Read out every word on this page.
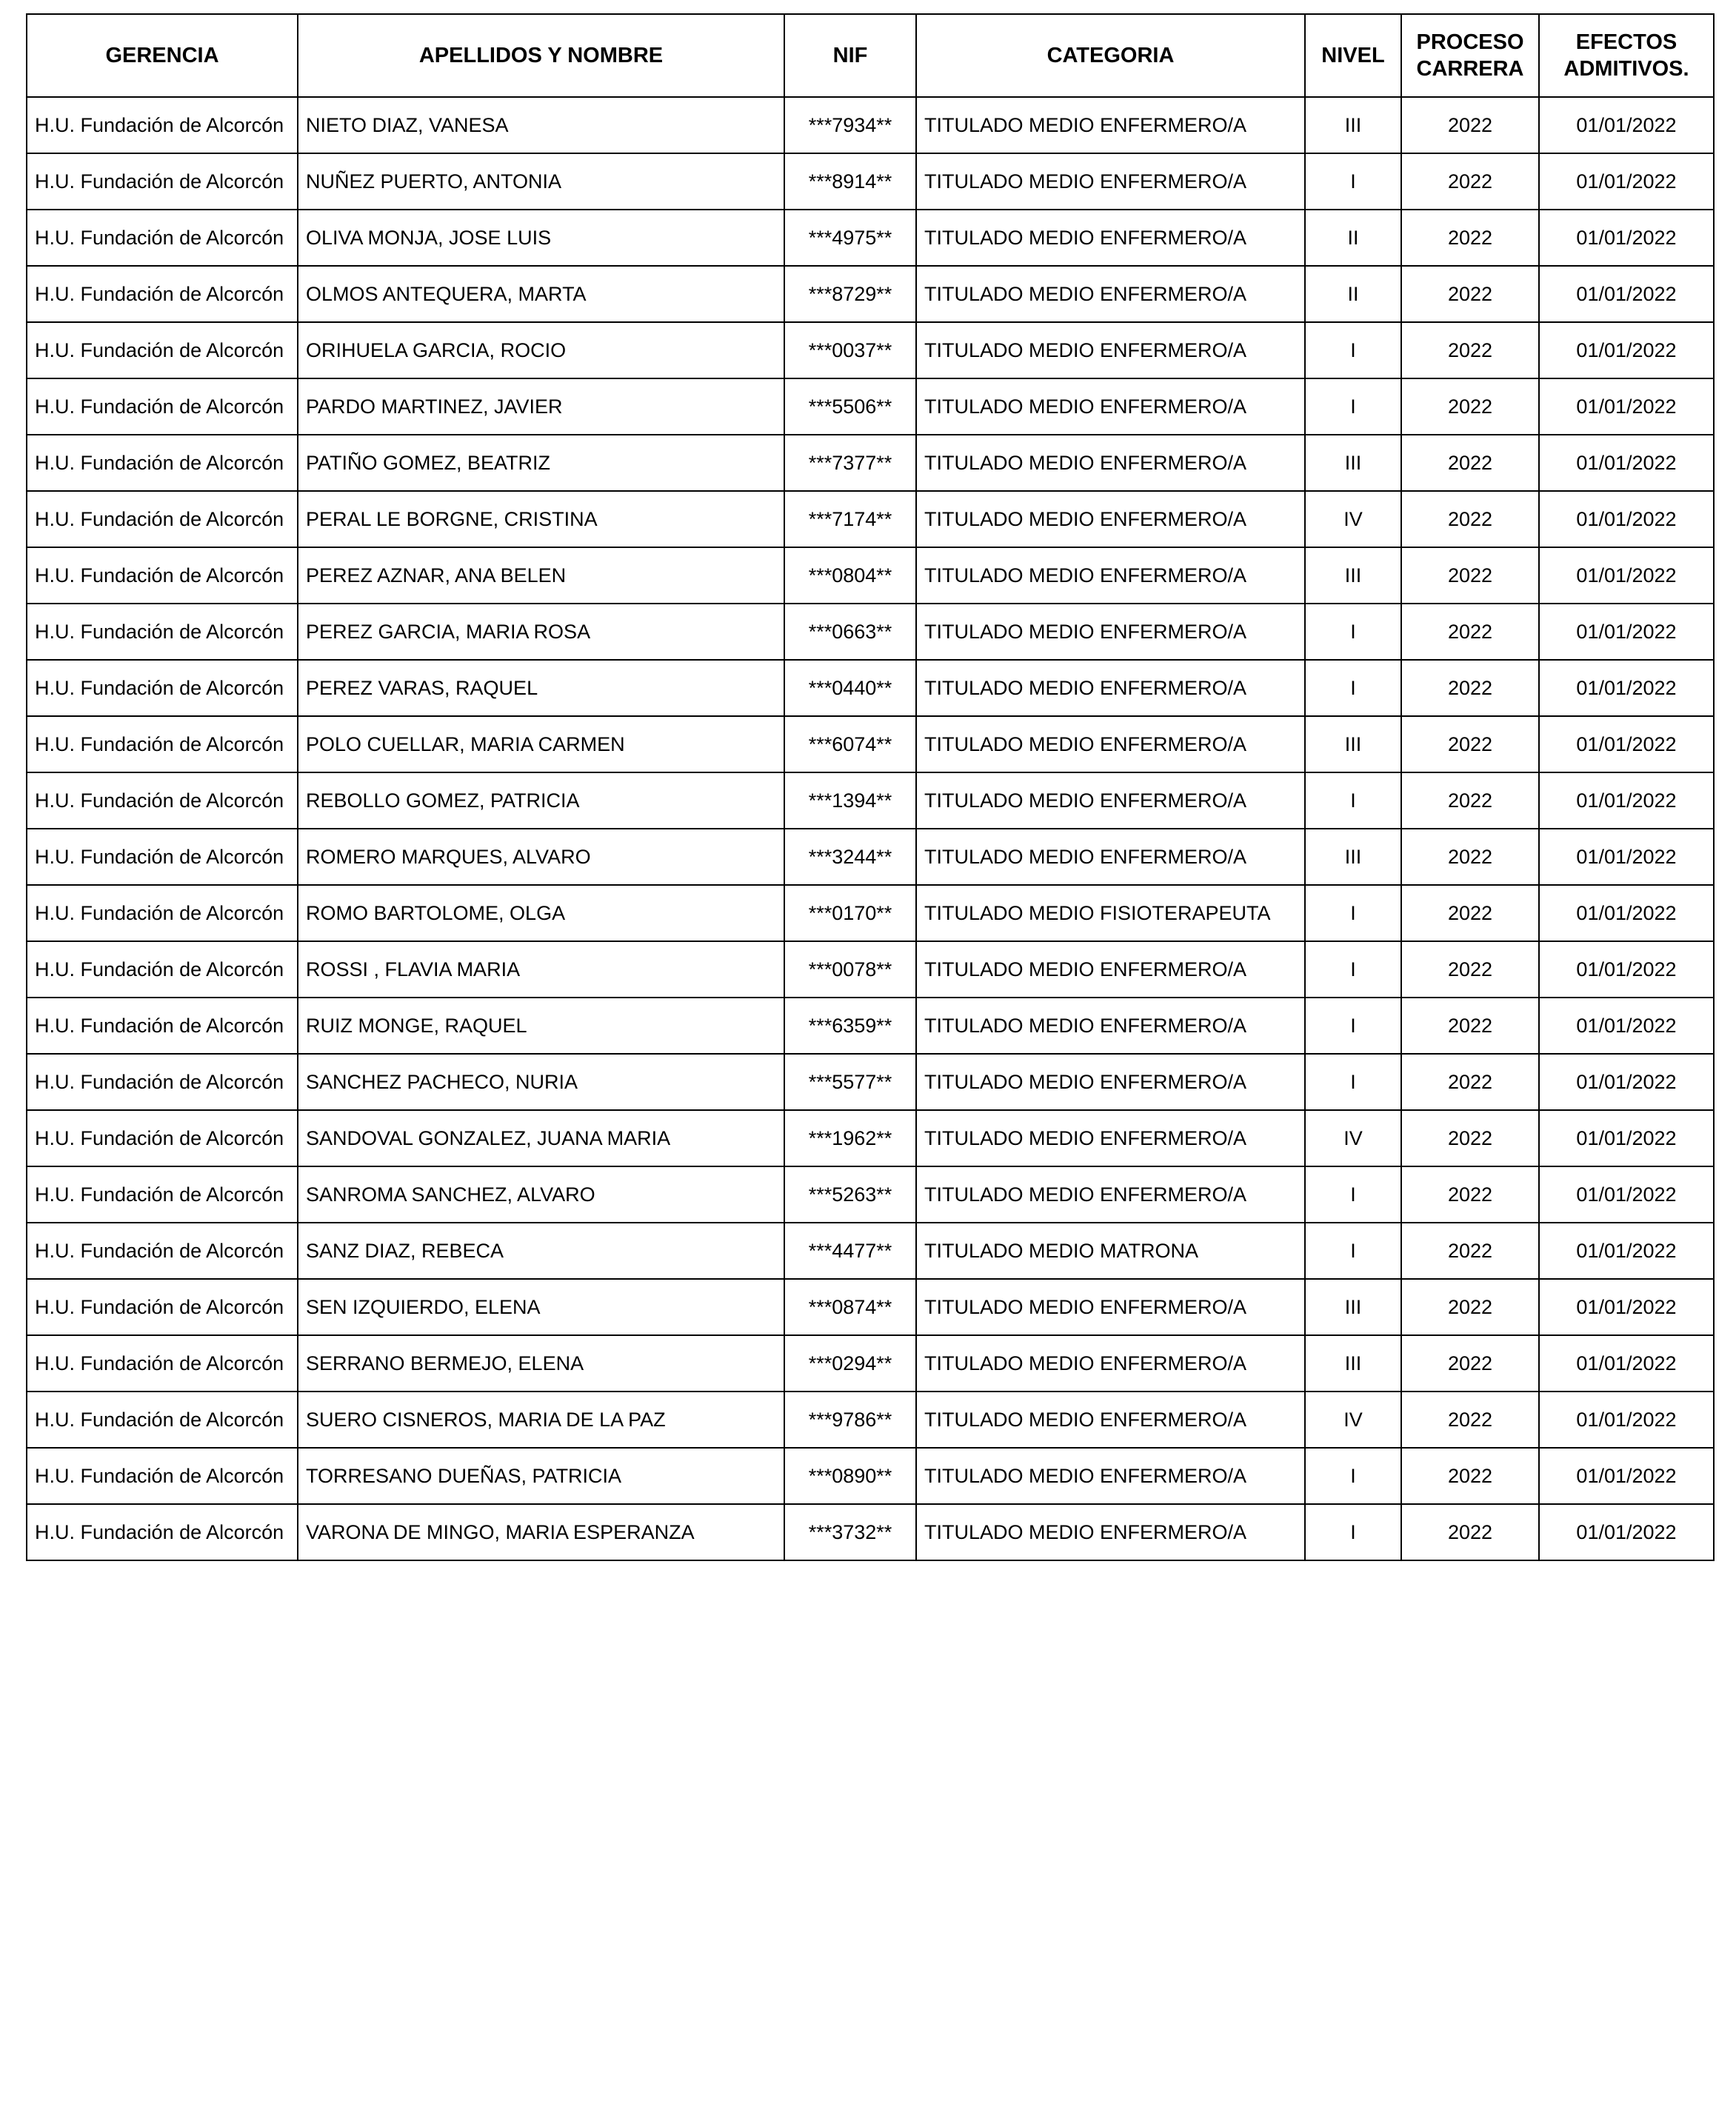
GERENCIA	APELLIDOS Y NOMBRE	NIF	CATEGORIA	NIVEL	PROCESO CARRERA	EFECTOS ADMITIVOS.
H.U. Fundación de Alcorcón	NIETO DIAZ, VANESA	***7934**	TITULADO MEDIO ENFERMERO/A	III	2022	01/01/2022
H.U. Fundación de Alcorcón	NUÑEZ PUERTO, ANTONIA	***8914**	TITULADO MEDIO ENFERMERO/A	I	2022	01/01/2022
H.U. Fundación de Alcorcón	OLIVA MONJA, JOSE LUIS	***4975**	TITULADO MEDIO ENFERMERO/A	II	2022	01/01/2022
H.U. Fundación de Alcorcón	OLMOS ANTEQUERA, MARTA	***8729**	TITULADO MEDIO ENFERMERO/A	II	2022	01/01/2022
H.U. Fundación de Alcorcón	ORIHUELA GARCIA, ROCIO	***0037**	TITULADO MEDIO ENFERMERO/A	I	2022	01/01/2022
H.U. Fundación de Alcorcón	PARDO MARTINEZ, JAVIER	***5506**	TITULADO MEDIO ENFERMERO/A	I	2022	01/01/2022
H.U. Fundación de Alcorcón	PATIÑO GOMEZ, BEATRIZ	***7377**	TITULADO MEDIO ENFERMERO/A	III	2022	01/01/2022
H.U. Fundación de Alcorcón	PERAL LE BORGNE, CRISTINA	***7174**	TITULADO MEDIO ENFERMERO/A	IV	2022	01/01/2022
H.U. Fundación de Alcorcón	PEREZ AZNAR, ANA BELEN	***0804**	TITULADO MEDIO ENFERMERO/A	III	2022	01/01/2022
H.U. Fundación de Alcorcón	PEREZ GARCIA, MARIA ROSA	***0663**	TITULADO MEDIO ENFERMERO/A	I	2022	01/01/2022
H.U. Fundación de Alcorcón	PEREZ VARAS, RAQUEL	***0440**	TITULADO MEDIO ENFERMERO/A	I	2022	01/01/2022
H.U. Fundación de Alcorcón	POLO CUELLAR, MARIA CARMEN	***6074**	TITULADO MEDIO ENFERMERO/A	III	2022	01/01/2022
H.U. Fundación de Alcorcón	REBOLLO GOMEZ, PATRICIA	***1394**	TITULADO MEDIO ENFERMERO/A	I	2022	01/01/2022
H.U. Fundación de Alcorcón	ROMERO MARQUES, ALVARO	***3244**	TITULADO MEDIO ENFERMERO/A	III	2022	01/01/2022
H.U. Fundación de Alcorcón	ROMO BARTOLOME, OLGA	***0170**	TITULADO MEDIO FISIOTERAPEUTA	I	2022	01/01/2022
H.U. Fundación de Alcorcón	ROSSI , FLAVIA MARIA	***0078**	TITULADO MEDIO ENFERMERO/A	I	2022	01/01/2022
H.U. Fundación de Alcorcón	RUIZ MONGE, RAQUEL	***6359**	TITULADO MEDIO ENFERMERO/A	I	2022	01/01/2022
H.U. Fundación de Alcorcón	SANCHEZ PACHECO, NURIA	***5577**	TITULADO MEDIO ENFERMERO/A	I	2022	01/01/2022
H.U. Fundación de Alcorcón	SANDOVAL GONZALEZ, JUANA MARIA	***1962**	TITULADO MEDIO ENFERMERO/A	IV	2022	01/01/2022
H.U. Fundación de Alcorcón	SANROMA SANCHEZ, ALVARO	***5263**	TITULADO MEDIO ENFERMERO/A	I	2022	01/01/2022
H.U. Fundación de Alcorcón	SANZ DIAZ, REBECA	***4477**	TITULADO MEDIO MATRONA	I	2022	01/01/2022
H.U. Fundación de Alcorcón	SEN IZQUIERDO, ELENA	***0874**	TITULADO MEDIO ENFERMERO/A	III	2022	01/01/2022
H.U. Fundación de Alcorcón	SERRANO BERMEJO, ELENA	***0294**	TITULADO MEDIO ENFERMERO/A	III	2022	01/01/2022
H.U. Fundación de Alcorcón	SUERO CISNEROS, MARIA DE LA PAZ	***9786**	TITULADO MEDIO ENFERMERO/A	IV	2022	01/01/2022
H.U. Fundación de Alcorcón	TORRESANO DUEÑAS, PATRICIA	***0890**	TITULADO MEDIO ENFERMERO/A	I	2022	01/01/2022
H.U. Fundación de Alcorcón	VARONA DE MINGO, MARIA ESPERANZA	***3732**	TITULADO MEDIO ENFERMERO/A	I	2022	01/01/2022
